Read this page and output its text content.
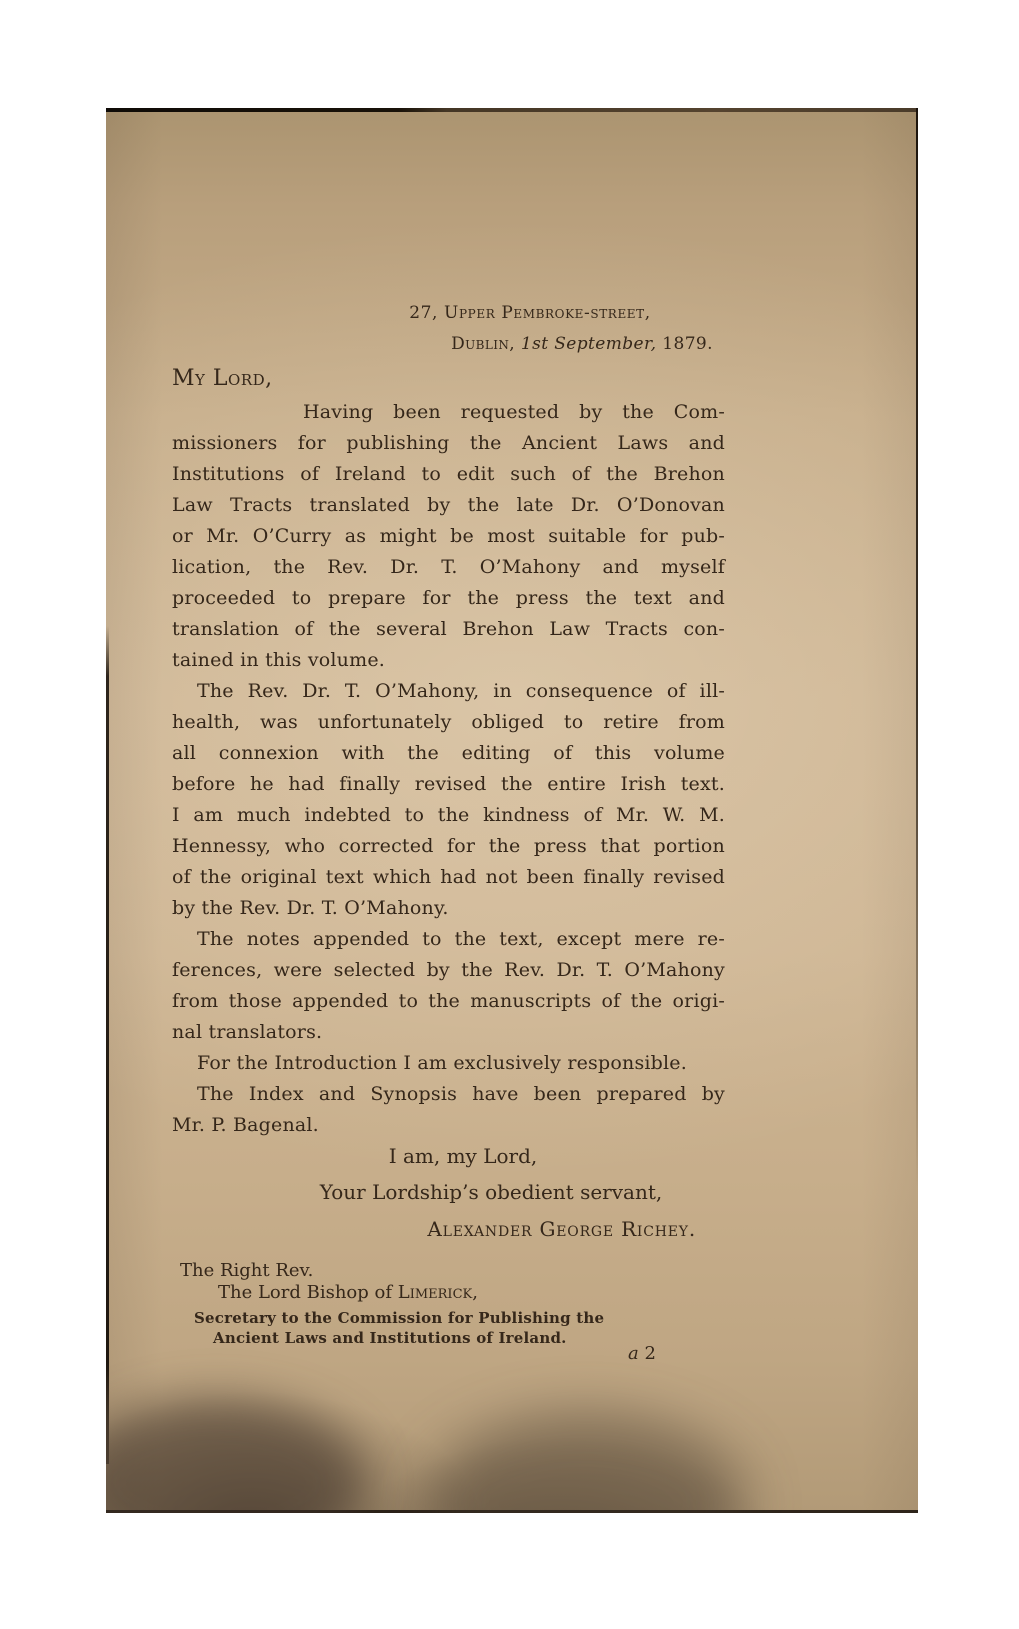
27, Upper Pembroke-street,
Dublin, 1st September, 1879.
My Lord,
Having been requested by the Com-
missioners for publishing the Ancient Laws and
Institutions of Ireland to edit such of the Brehon
Law Tracts translated by the late Dr. O’Donovan
or Mr. O’Curry as might be most suitable for pub-
lication, the Rev. Dr. T. O’Mahony and myself
proceeded to prepare for the press the text and
translation of the several Brehon Law Tracts con-
tained in this volume.
The Rev. Dr. T. O’Mahony, in consequence of ill-
health, was unfortunately obliged to retire from
all connexion with the editing of this volume
before he had finally revised the entire Irish text.
I am much indebted to the kindness of Mr. W. M.
Hennessy, who corrected for the press that portion
of the original text which had not been finally revised
by the Rev. Dr. T. O’Mahony.
The notes appended to the text, except mere re-
ferences, were selected by the Rev. Dr. T. O’Mahony
from those appended to the manuscripts of the origi-
nal translators.
For the Introduction I am exclusively responsible.
The Index and Synopsis have been prepared by
Mr. P. Bagenal.
I am, my Lord,
Your Lordship’s obedient servant,
Alexander George Richey.
The Right Rev.
The Lord Bishop of Limerick,
Secretary to the Commission for Publishing the
Ancient Laws and Institutions of Ireland.
a 2
